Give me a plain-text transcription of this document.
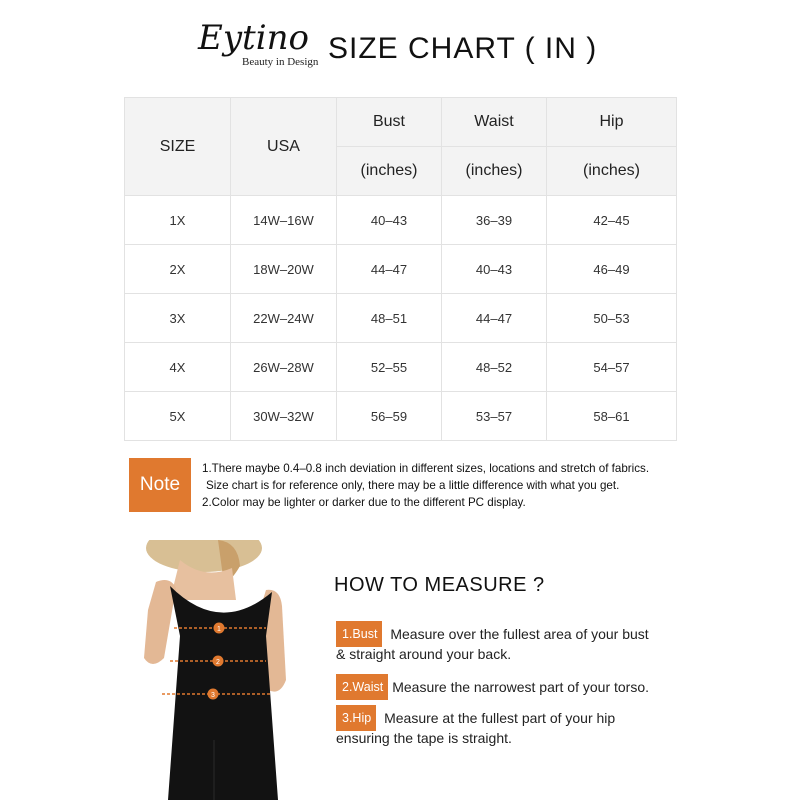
Eytino
Beauty in Design SIZE CHART ( IN )
SIZE	USA	Bust	Waist	Hip
		(inches)	(inches)	(inches)
1X	14W–16W	40–43	36–39	42–45
2X	18W–20W	44–47	40–43	46–49
3X	22W–24W	48–51	44–47	50–53
4X	26W–28W	52–55	48–52	54–57
5X	30W–32W	56–59	53–57	58–61
Note
1.There maybe 0.4–0.8 inch deviation in different sizes, locations and stretch of fabrics.
Size chart is for reference only, there may be a little difference with what you get.
2.Color may be lighter or darker due to the different PC display.
1
2
3
HOW TO MEASURE ?
1.Bust Measure over the fullest area of your bust
& straight around your back.
2.Waist Measure the narrowest part of your torso.
3.Hip Measure at the fullest part of your hip
ensuring the tape is straight.
